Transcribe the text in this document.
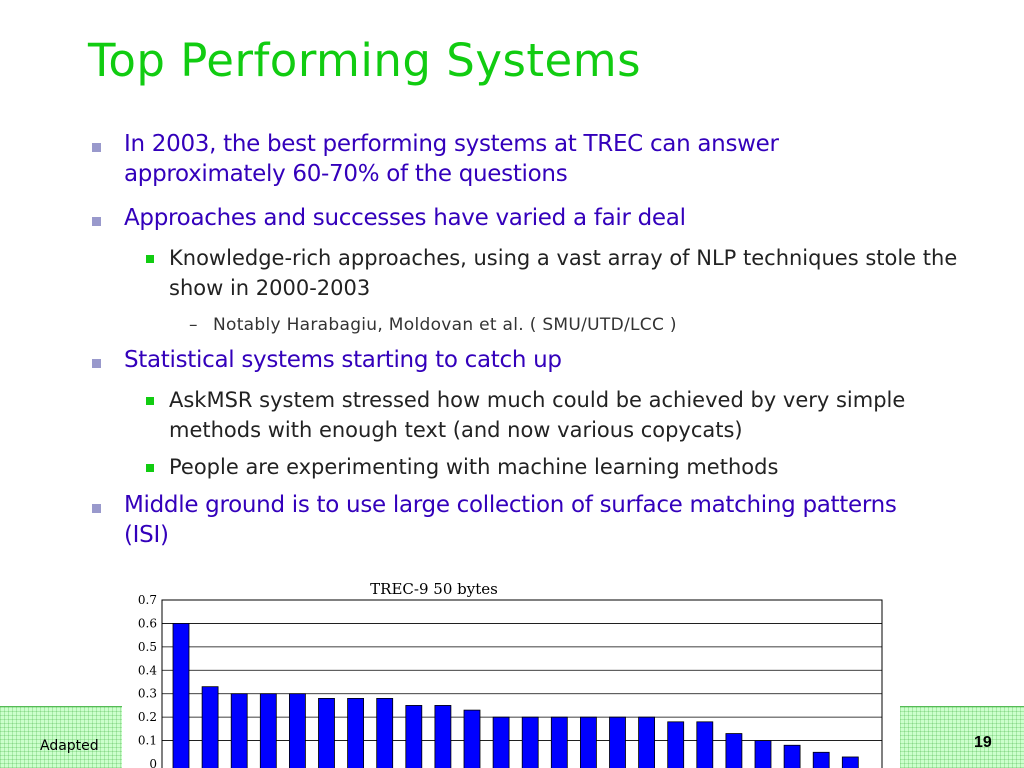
Top Performing Systems
In 2003, the best performing systems at TREC can answer approximately 60-70% of the questions
Approaches and successes have varied a fair deal
Knowledge-rich approaches, using a vast array of NLP techniques stole the show in 2000-2003
– Notably Harabagiu, Moldovan et al. ( SMU/UTD/LCC )
Statistical systems starting to catch up
AskMSR system stressed how much could be achieved by very simple methods with enough text (and now various copycats)
People are experimenting with machine learning methods
Middle ground is to use large collection of surface matching patterns (ISI)
Adapted	19
TREC-9 50 bytes
0
0.1
0.2
0.3
0.4
0.5
0.6
0.7
